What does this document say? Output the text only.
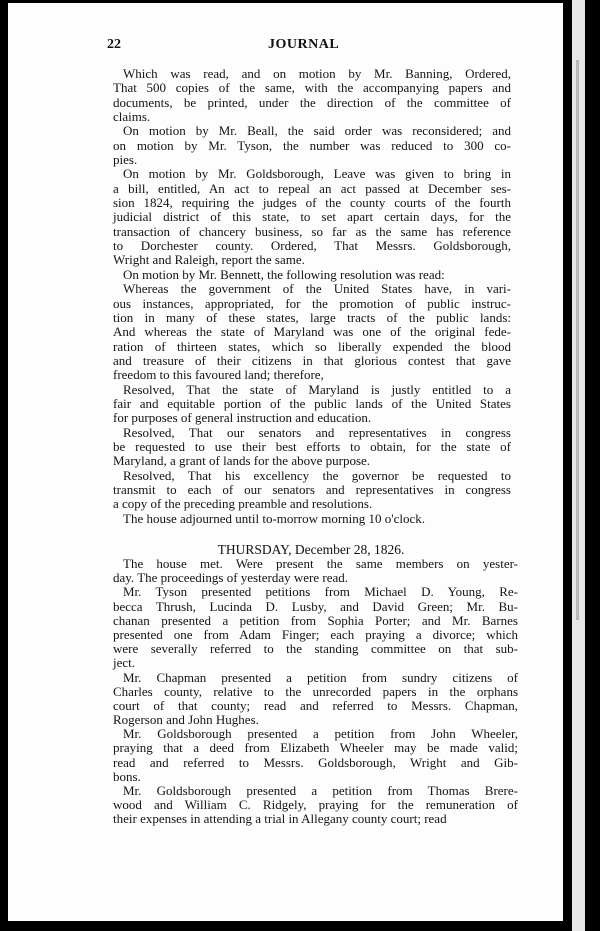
22	JOURNAL
Which was read, and on motion by Mr. Banning, Ordered,
That 500 copies of the same, with the accompanying papers and
documents, be printed, under the direction of the committee of
claims.
On motion by Mr. Beall, the said order was reconsidered; and
on motion by Mr. Tyson, the number was reduced to 300 co-
pies.
On motion by Mr. Goldsborough, Leave was given to bring in
a bill, entitled, An act to repeal an act passed at December ses-
sion 1824, requiring the judges of the county courts of the fourth
judicial district of this state, to set apart certain days, for the
transaction of chancery business, so far as the same has reference
to Dorchester county. Ordered, That Messrs. Goldsborough,
Wright and Raleigh, report the same.
On motion by Mr. Bennett, the following resolution was read:
Whereas the government of the United States have, in vari-
ous instances, appropriated, for the promotion of public instruc-
tion in many of these states, large tracts of the public lands:
And whereas the state of Maryland was one of the original fede-
ration of thirteen states, which so liberally expended the blood
and treasure of their citizens in that glorious contest that gave
freedom to this favoured land; therefore,
Resolved, That the state of Maryland is justly entitled to a
fair and equitable portion of the public lands of the United States
for purposes of general instruction and education.
Resolved, That our senators and representatives in congress
be requested to use their best efforts to obtain, for the state of
Maryland, a grant of lands for the above purpose.
Resolved, That his excellency the governor be requested to
transmit to each of our senators and representatives in congress
a copy of the preceding preamble and resolutions.
The house adjourned until to-morrow morning 10 o'clock.
THURSDAY, December 28, 1826.
The house met. Were present the same members on yester-
day. The proceedings of yesterday were read.
Mr. Tyson presented petitions from Michael D. Young, Re-
becca Thrush, Lucinda D. Lusby, and David Green; Mr. Bu-
chanan presented a petition from Sophia Porter; and Mr. Barnes
presented one from Adam Finger; each praying a divorce; which
were severally referred to the standing committee on that sub-
ject.
Mr. Chapman presented a petition from sundry citizens of
Charles county, relative to the unrecorded papers in the orphans
court of that county; read and referred to Messrs. Chapman,
Rogerson and John Hughes.
Mr. Goldsborough presented a petition from John Wheeler,
praying that a deed from Elizabeth Wheeler may be made valid;
read and referred to Messrs. Goldsborough, Wright and Gib-
bons.
Mr. Goldsborough presented a petition from Thomas Brere-
wood and William C. Ridgely, praying for the remuneration of
their expenses in attending a trial in Allegany county court; read
